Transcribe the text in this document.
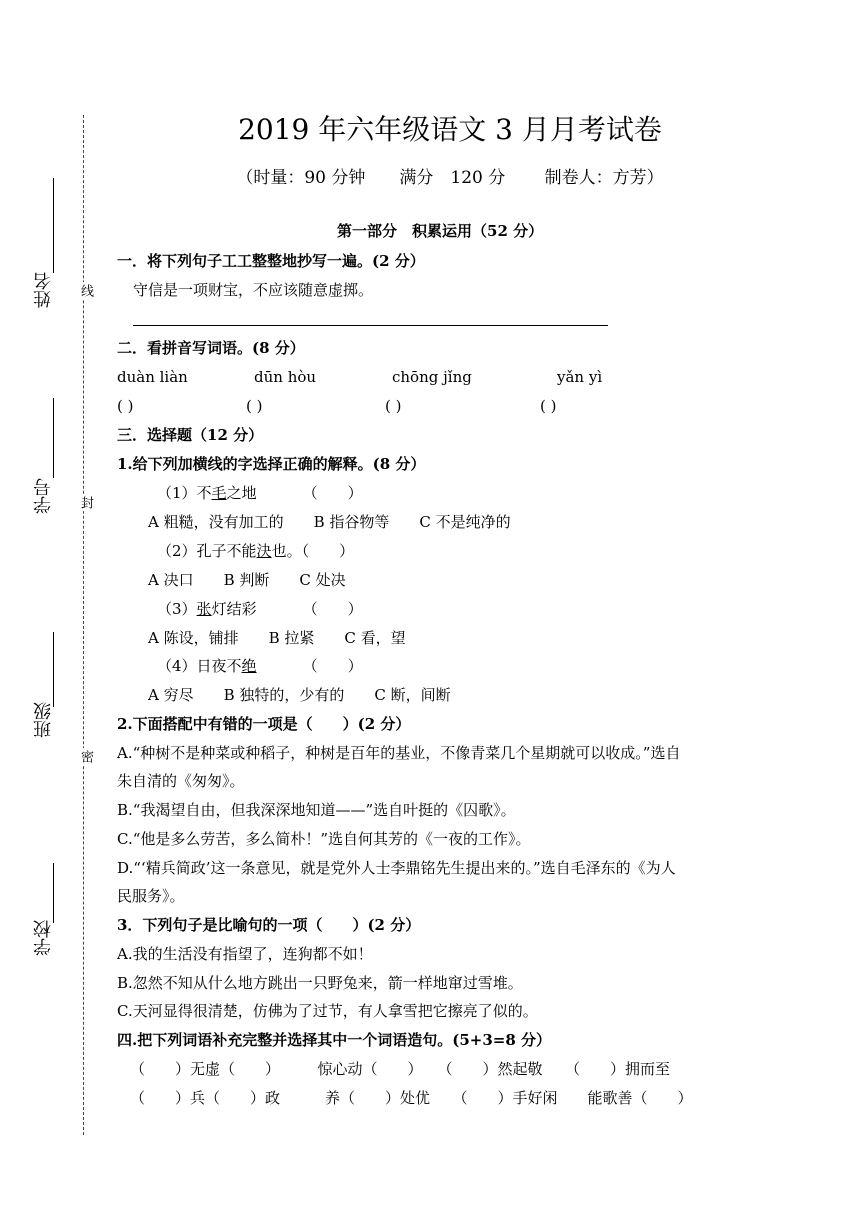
姓名
学号
班级
学校
线
封
密
2019 年六年级语文 3 月月考试卷
（时量：90 分钟　　满分　120 分　　 制卷人：方芳）
第一部分　积累运用（52 分）
一．将下列句子工工整整地抄写一遍。(2 分）
守信是一项财宝，不应该随意虚掷。
二．看拼音写词语。(8 分）
duàn liàn	dūn hòu	chōng jǐng	yǎn yì
( )	( )	( )	( )
三．选择题（12 分）
1.给下列加横线的字选择正确的解释。(8 分）
（1）不毛之地	（　　）
A 粗糙，没有加工的　　B 指谷物等　　C 不是纯净的
（2）孔子不能決也。（　　）
A 决口　　B 判断　　C 处决
（3）张灯结彩	（　　）
A 陈设，铺排　　B 拉紧　　C 看，望
（4）日夜不绝	（　　）
A 穷尽　　B 独特的，少有的　　C 断，间断
2.下面搭配中有错的一项是（　　）(2 分）
A.“种树不是种菜或种稻子，种树是百年的基业，不像青菜几个星期就可以收成。”选自
朱自清的《匆匆》。
B.“我渴望自由，但我深深地知道——”选自叶挺的《囚歌》。
C.“他是多么劳苦，多么简朴！”选自何其芳的《一夜的工作》。
D.“‘精兵简政’这一条意见，就是党外人士李鼎铭先生提出来的。”选自毛泽东的《为人
民服务》。
3．下列句子是比喻句的一项（　　）(2 分）
A.我的生活没有指望了，连狗都不如！
B.忽然不知从什么地方跳出一只野兔来，箭一样地窜过雪堆。
C.天河显得很清楚，仿佛为了过节，有人拿雪把它擦亮了似的。
四.把下列词语补充完整并选择其中一个词语造句。(5+3=8 分）
（　　）无虚（　　）　　　惊心动（　　）　　（　　）然起敬　　（　　）拥而至
（　　）兵（　　）政　　　养（　　）处优　　（　　）手好闲　　能歌善（　　）
